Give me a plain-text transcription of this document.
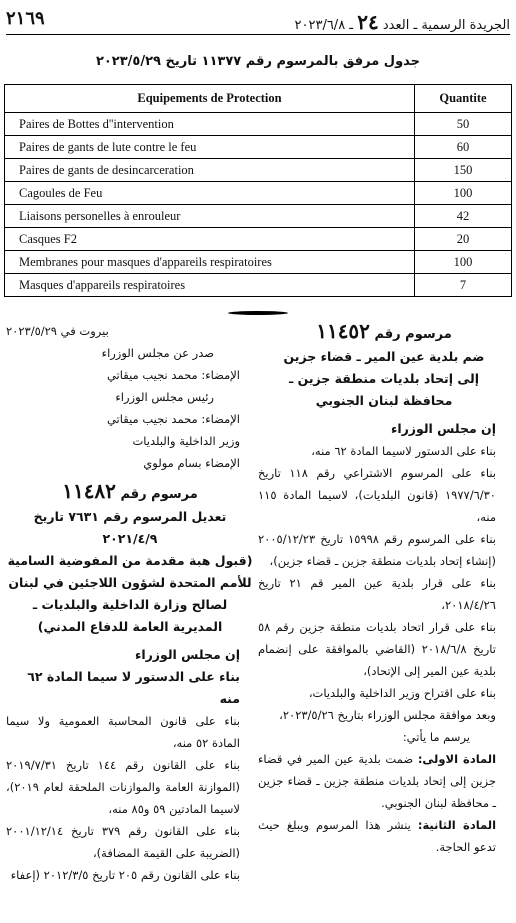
٢١٦٩	الجريدة الرسمية ـ العدد ٢٤ ـ ٢٠٢٣/٦/٨
جدول مرفق بالمرسوم رقم ١١٣٧٧ تاريخ ٢٠٢٣/٥/٢٩
Equipements de Protection	Quantite
Paires de Bottes d''intervention	50
Paires de gants de lute contre le feu	60
Paires de gants de desincarceration	150
Cagoules de Feu	100
Liaisons personelles à enrouleur	42
Casques F2	20
Membranes pour masques d'appareils respiratoires	100
Masques d'appareils respiratoires	7
مرسوم رقم ١١٤٥٢
ضم بلدية عين المير ـ قضاء جزين
إلى إتحاد بلديات منطقة جزين ـ
محافظة لبنان الجنوبي

إن مجلس الوزراء

بناء على الدستور لاسيما المادة ٦٢ منه،

بناء على المرسوم الاشتراعي رقم ١١٨ تاريخ ١٩٧٧/٦/٣٠ (قانون البلديات)، لاسيما المادة ١١٥ منه،

بناء على المرسوم رقم ١٥٩٩٨ تاريخ ٢٠٠٥/١٢/٢٣ (إنشاء إتحاد بلديات منطقة جزين ـ قضاء جزين)،

بناء على قرار بلدية عين المير قم ٢١ تاريخ ٢٠١٨/٤/٢٦،

بناء على قرار اتحاد بلديات منطقة جزين رقم ٥٨ تاريخ ٢٠١٨/٦/٨ (القاضي بالموافقة على إنضمام بلدية عين المير إلى الإتحاد)،

بناء على اقتراح وزير الداخلية والبلديات،

وبعد موافقة مجلس الوزراء بتاريخ ٢٠٢٣/٥/٢٦،

يرسم ما يأتي:

المادة الاولى: ضمت بلدية عين المير في قضاء جزين إلى إتحاد بلديات منطقة جزين ـ قضاء جزين ـ محافظة لبنان الجنوبي.

المادة الثانية: ينشر هذا المرسوم ويبلغ حيث تدعو الحاجة.

بيروت في ٢٠٢٣/٥/٢٩

صدر عن مجلس الوزراء

الإمضاء: محمد نجيب ميقاتي

رئيس مجلس الوزراء

الإمضاء: محمد نجيب ميقاتي

وزير الداخلية والبلديات

الإمضاء بسام مولوي

مرسوم رقم ١١٤٨٢
تعديل المرسوم رقم ٧٦٣١ تاريخ ٢٠٢١/٤/٩
(قبول هبة مقدمة من المفوضية السامية
للأمم المتحدة لشؤون اللاجئين في لبنان
لصالح وزارة الداخلية والبلديات ـ
المديرية العامة للدفاع المدني)

إن مجلس الوزراء

بناء على الدستور لا سيما المادة ٦٢ منه

بناء على قانون المحاسبة العمومية ولا سيما المادة ٥٢ منه،

بناء على القانون رقم ١٤٤ تاريخ ٢٠١٩/٧/٣١ (الموازنة العامة والموازنات الملحقة لعام ٢٠١٩)، لاسيما المادتين ٥٩ و٨٥ منه،

بناء على القانون رقم ٣٧٩ تاريخ ٢٠٠١/١٢/١٤ (الضريبة على القيمة المضافة)،

بناء على القانون رقم ٢٠٥ تاريخ ٢٠١٢/٣/٥ (إعفاء
